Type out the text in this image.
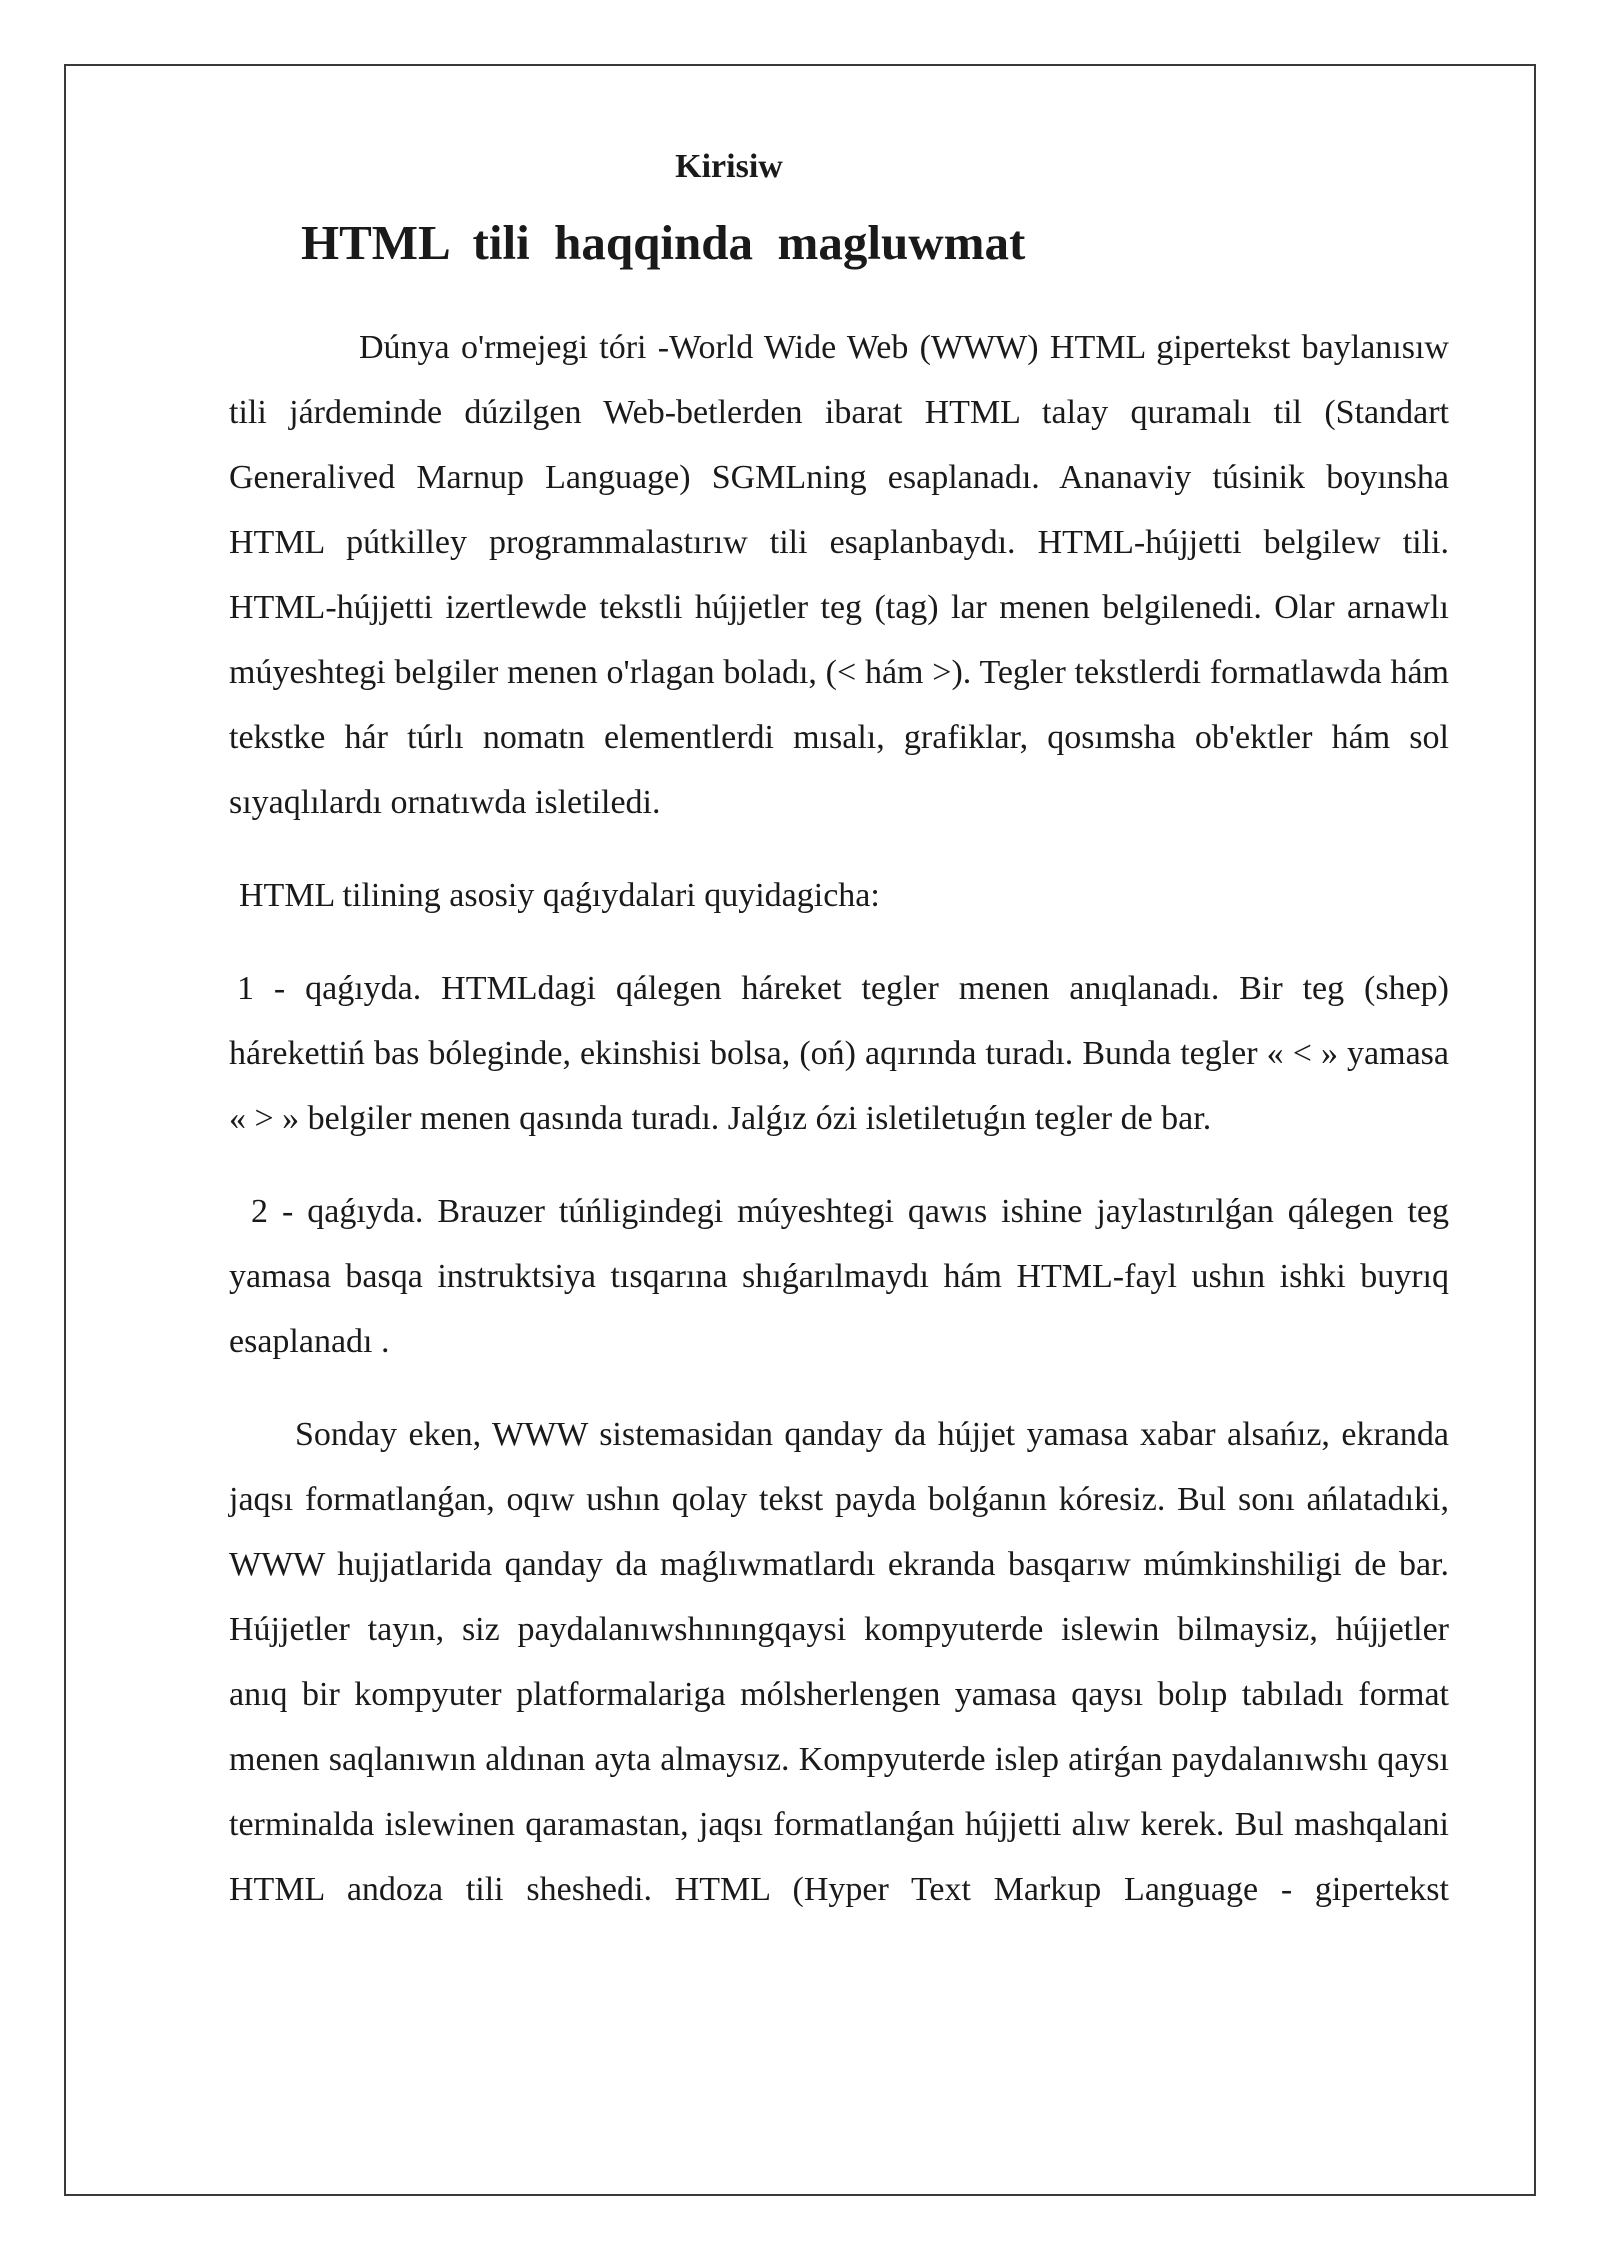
Kirisiw
HTML  tili  haqqinda  magluwmat

Dúnya o'rmejegi tóri -World Wide Web (WWW) HTML gipertekst baylanısıw tili járdeminde dúzilgen Web-betlerden ibarat HTML talay quramalı til (Standart Generalived Marnup Language) SGMLning esaplanadı. Ananaviy túsinik boyınsha HTML pútkilley programmalastırıw tili esaplanbaydı. HTML-hújjetti belgilew tili. HTML-hújjetti izertlewde tekstli hújjetler teg (tag) lar menen belgilenedi. Olar arnawlı múyeshtegi belgiler menen o'rlagan boladı, (< hám >). Tegler tekstlerdi formatlawda hám tekstke hár túrlı nomatn elementlerdi mısalı, grafiklar, qosımsha ob'ektler hám sol sıyaqlılardı ornatıwda isletiledi.

HTML tilining asosiy qaǵıydalari quyidagicha:

1 - qaǵıyda. HTMLdagi qálegen háreket tegler menen anıqlanadı. Bir teg (shep) hárekettiń bas bóleginde, ekinshisi bolsa, (oń) aqırında turadı. Bunda tegler « < » yamasa « > » belgiler menen qasında turadı. Jalǵız ózi isletiletuǵın tegler de bar.

2 - qaǵıyda. Brauzer túńligindegi múyeshtegi qawıs ishine jaylastırılǵan qálegen teg yamasa basqa instruktsiya tısqarına shıǵarılmaydı hám HTML-fayl ushın ishki buyrıq esaplanadı .

Sonday eken, WWW sistemasidan qanday da hújjet yamasa xabar alsańız, ekranda jaqsı formatlanǵan, oqıw ushın qolay tekst payda bolǵanın kóresiz. Bul sonı ańlatadıki, WWW hujjatlarida qanday da maǵlıwmatlardı ekranda basqarıw múmkinshiligi de bar. Hújjetler tayın, siz paydalanıwshınıngqaysi kompyuterde islewin bilmaysiz, hújjetler anıq bir kompyuter platformalariga mólsherlengen yamasa qaysı bolıp tabıladı format menen saqlanıwın aldınan ayta almaysız. Kompyuterde islep atirǵan paydalanıwshı qaysı terminalda islewinen qaramastan, jaqsı formatlanǵan hújjetti alıw kerek. Bul mashqalani HTML andoza tili sheshedi. HTML (Hyper Text Markup Language - gipertekst
